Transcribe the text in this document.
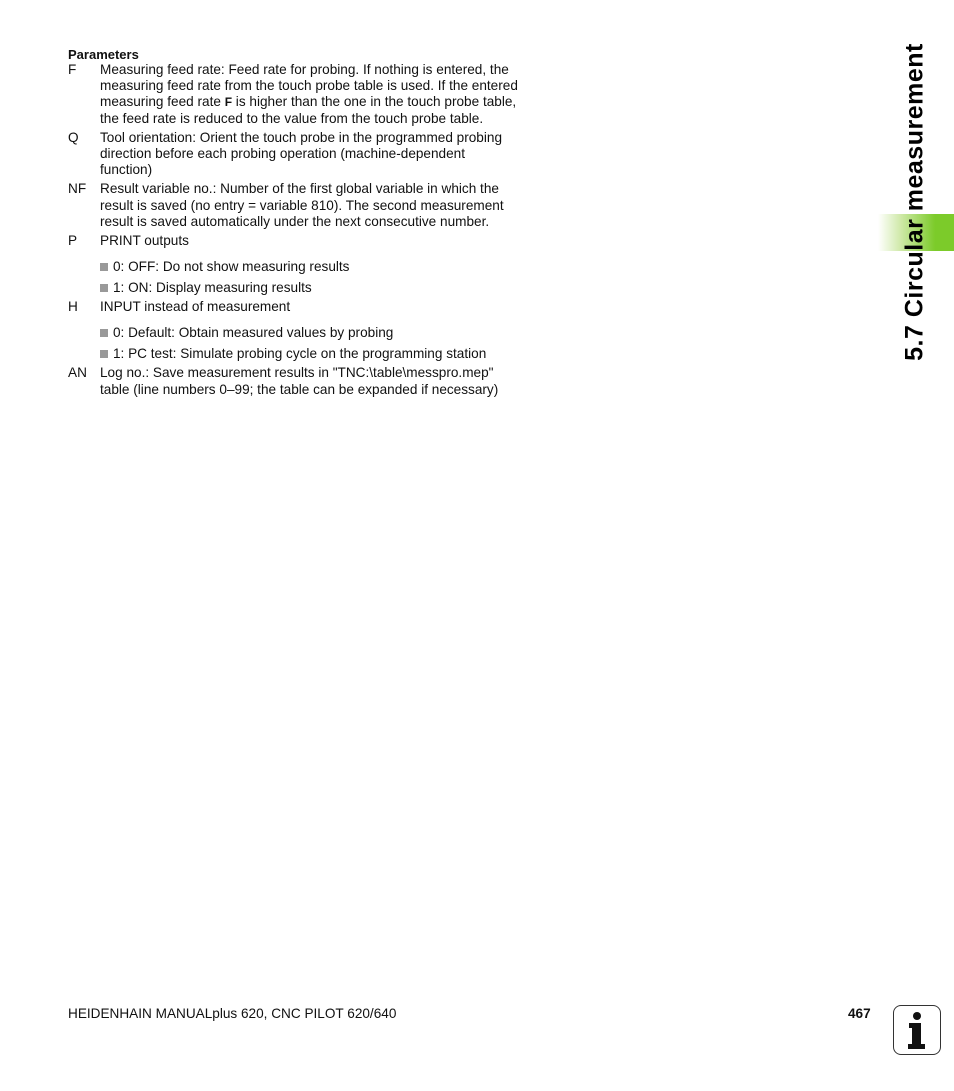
5.7 Circular measurement
Parameters
F	Measuring feed rate: Feed rate for probing. If nothing is entered, the measuring feed rate from the touch probe table is used. If the entered measuring feed rate F is higher than the one in the touch probe table, the feed rate is reduced to the value from the touch probe table.
Q	Tool orientation: Orient the touch probe in the programmed probing direction before each probing operation (machine-dependent function)
NF	Result variable no.: Number of the first global variable in which the result is saved (no entry = variable 810). The second measurement result is saved automatically under the next consecutive number.
P	PRINT outputs
0: OFF: Do not show measuring results
1: ON: Display measuring results
H	INPUT instead of measurement
0: Default: Obtain measured values by probing
1: PC test: Simulate probing cycle on the programming station
AN Log no.: Save measurement results in "TNC:\table\messpro.mep" table (line numbers 0–99; the table can be expanded if necessary)
HEIDENHAIN MANUALplus 620, CNC PILOT 620/640	467
